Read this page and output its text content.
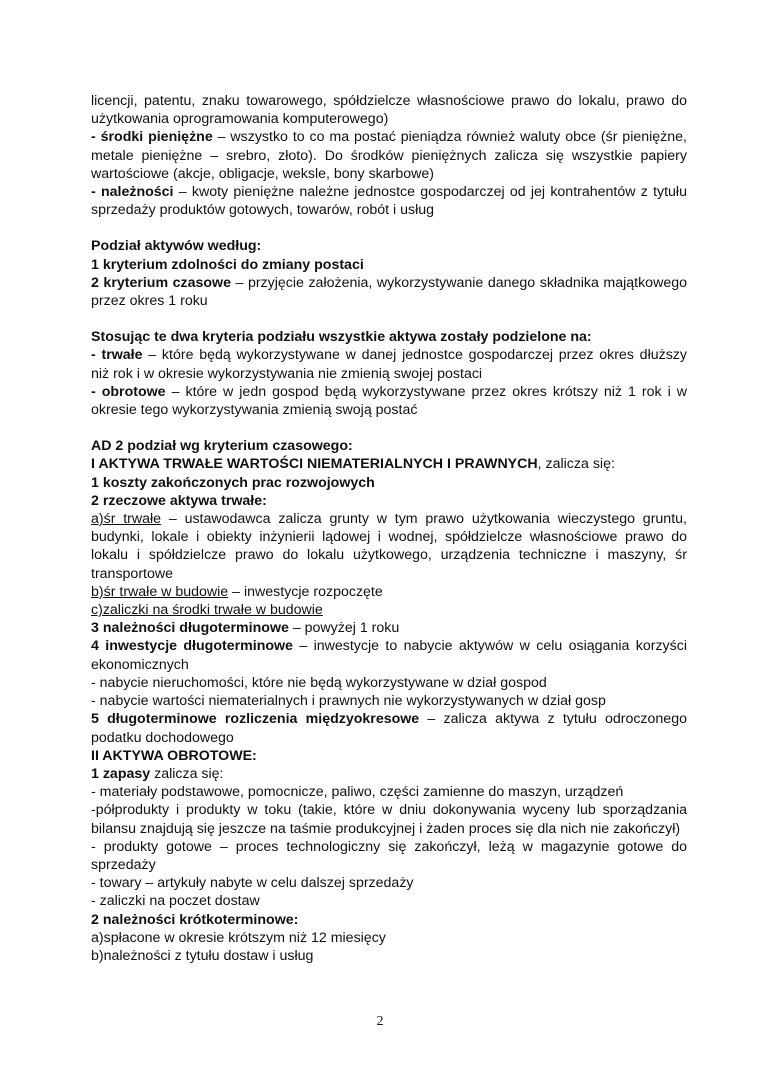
licencji, patentu, znaku towarowego, spółdzielcze własnościowe prawo do lokalu, prawo do użytkowania oprogramowania komputerowego)

- środki pieniężne – wszystko to co ma postać pieniądza również waluty obce (śr pieniężne, metale pieniężne – srebro, złoto). Do środków pieniężnych zalicza się wszystkie papiery wartościowe (akcje, obligacje, weksle, bony skarbowe)

- należności – kwoty pieniężne należne jednostce gospodarczej od jej kontrahentów z tytułu sprzedaży produktów gotowych, towarów, robót i usług

Podział aktywów według:

1 kryterium zdolności do zmiany postaci

2 kryterium czasowe – przyjęcie założenia, wykorzystywanie danego składnika majątkowego przez okres 1 roku

Stosując te dwa kryteria podziału wszystkie aktywa zostały podzielone na:

- trwałe – które będą wykorzystywane w danej jednostce gospodarczej przez okres dłuższy niż rok i w okresie wykorzystywania nie zmienią swojej postaci

- obrotowe – które w jedn gospod będą wykorzystywane przez okres krótszy niż 1 rok i w okresie tego wykorzystywania zmienią swoją postać

AD 2 podział wg kryterium czasowego:

I AKTYWA TRWAŁE WARTOŚCI NIEMATERIALNYCH I PRAWNYCH, zalicza się:

1 koszty zakończonych prac rozwojowych

2 rzeczowe aktywa trwałe:

a)śr trwałe – ustawodawca zalicza grunty w tym prawo użytkowania wieczystego gruntu, budynki, lokale i obiekty inżynierii lądowej i wodnej, spółdzielcze własnościowe prawo do lokalu i spółdzielcze prawo do lokalu użytkowego, urządzenia techniczne i maszyny, śr transportowe

b)śr trwałe w budowie – inwestycje rozpoczęte

c)zaliczki na środki trwałe w budowie

3 należności długoterminowe – powyżej 1 roku

4 inwestycje długoterminowe – inwestycje to nabycie aktywów w celu osiągania korzyści ekonomicznych

- nabycie nieruchomości, które nie będą wykorzystywane w dział gospod

- nabycie wartości niematerialnych i prawnych nie wykorzystywanych w dział gosp

5 długoterminowe rozliczenia międzyokresowe – zalicza aktywa z tytułu odroczonego podatku dochodowego

II AKTYWA OBROTOWE:

1 zapasy zalicza się:

- materiały podstawowe, pomocnicze, paliwo, części zamienne do maszyn, urządzeń

-półprodukty i produkty w toku (takie, które w dniu dokonywania wyceny lub sporządzania bilansu znajdują się jeszcze na taśmie produkcyjnej i żaden proces się dla nich nie zakończył)

- produkty gotowe – proces technologiczny się zakończył, leżą w magazynie gotowe do sprzedaży

- towary – artykuły nabyte w celu dalszej sprzedaży

- zaliczki na poczet dostaw

2 należności krótkoterminowe:

a)spłacone w okresie krótszym niż 12 miesięcy

b)należności z tytułu dostaw i usług

2
